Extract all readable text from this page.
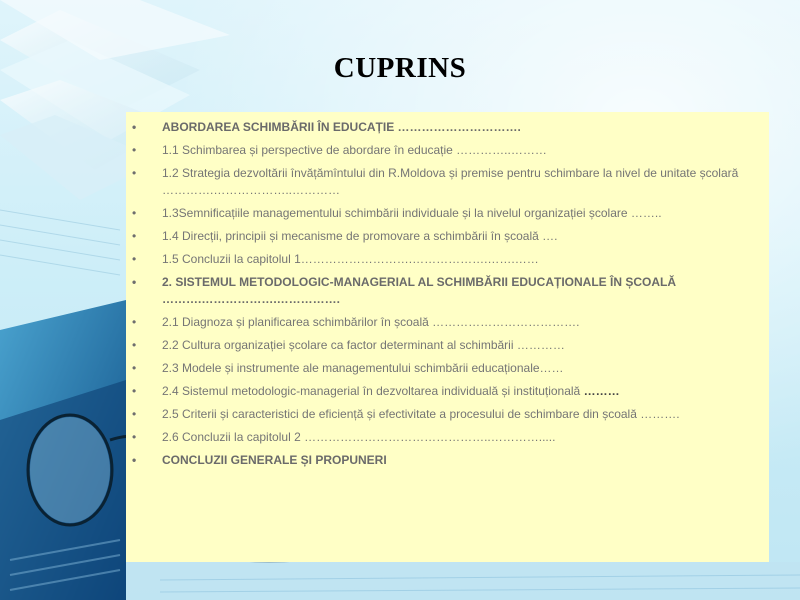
CUPRINS
• ABORDAREA SCHIMBĂRII ÎN EDUCAȚIE ………………………….
• 1.1 Schimbarea și perspective de abordare în educație …………..………
• 1.2 Strategia dezvoltării învățămîntului din R.Moldova și premise pentru schimbare la nivel de unitate școlară ………….………………..…………
• 1.3Semnificațiile managementului schimbării individuale și la nivelul organizației școlare ……..
• 1.4 Direcții, principii și mecanisme de promovare a schimbării în școală ….
• 1.5 Concluzii la capitolul 1……………………….……………….…….……
• 2. SISTEMUL METODOLOGIC-MANAGERIAL AL SCHIMBĂRII EDUCAȚIONALE ÎN ȘCOALĂ ……….……………….…………….
• 2.1 Diagnoza și planificarea schimbărilor în școală ……………………………….
• 2.2 Cultura organizației școlare ca factor determinant al schimbării …………
• 2.3 Modele și instrumente ale managementului schimbării educaționale……
• 2.4 Sistemul metodologic-managerial în dezvoltarea individuală și instituțională ………
• 2.5 Criterii și caracteristici de eficiență și efectivitate a procesului de schimbare din școală ……….
• 2.6 Concluzii la capitolul 2 ………………………………………..………….....
• CONCLUZII GENERALE ȘI PROPUNERI
